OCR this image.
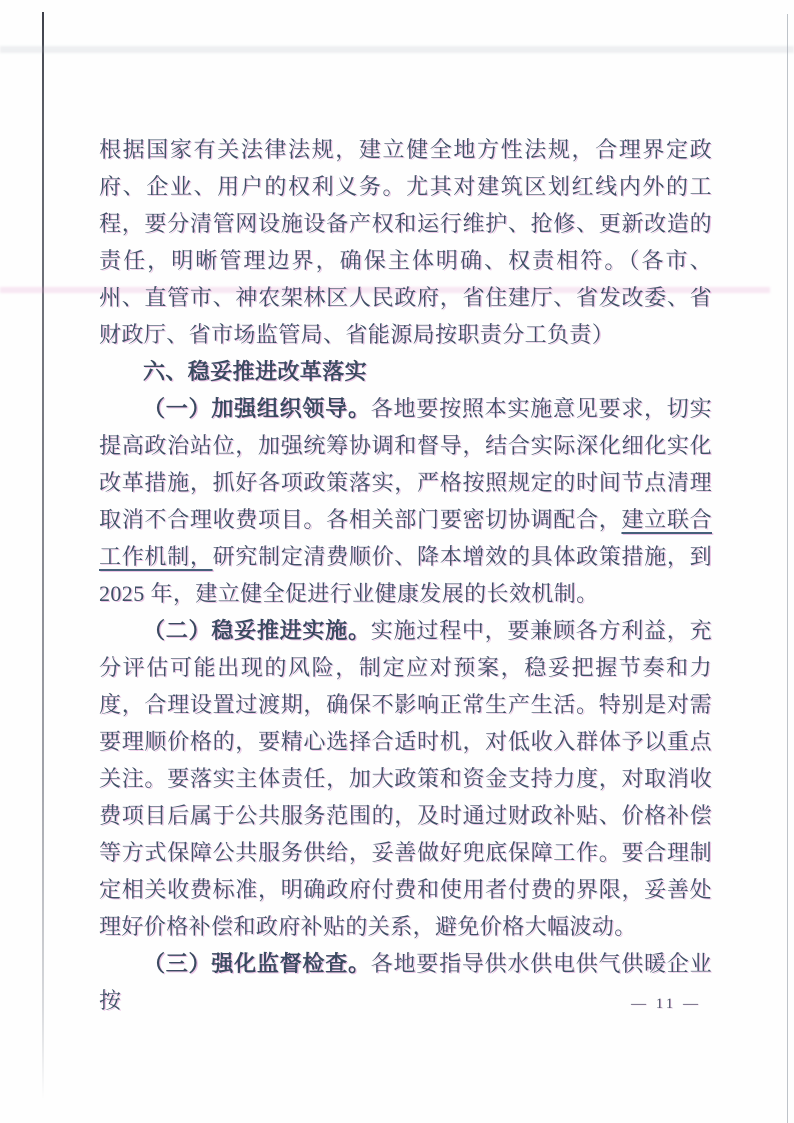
根据国家有关法律法规，建立健全地方性法规，合理界定政府、企业、用户的权利义务。尤其对建筑区划红线内外的工程，要分清管网设施设备产权和运行维护、抢修、更新改造的责任，明晰管理边界，确保主体明确、权责相符。（各市、州、直管市、神农架林区人民政府，省住建厅、省发改委、省财政厅、省市场监管局、省能源局按职责分工负责）

六、稳妥推进改革落实

（一）加强组织领导。各地要按照本实施意见要求，切实提高政治站位，加强统筹协调和督导，结合实际深化细化实化改革措施，抓好各项政策落实，严格按照规定的时间节点清理取消不合理收费项目。各相关部门要密切协调配合，建立联合工作机制，研究制定清费顺价、降本增效的具体政策措施，到 2025 年，建立健全促进行业健康发展的长效机制。

（二）稳妥推进实施。实施过程中，要兼顾各方利益，充分评估可能出现的风险，制定应对预案，稳妥把握节奏和力度，合理设置过渡期，确保不影响正常生产生活。特别是对需要理顺价格的，要精心选择合适时机，对低收入群体予以重点关注。要落实主体责任，加大政策和资金支持力度，对取消收费项目后属于公共服务范围的，及时通过财政补贴、价格补偿等方式保障公共服务供给，妥善做好兜底保障工作。要合理制定相关收费标准，明确政府付费和使用者付费的界限，妥善处理好价格补偿和政府补贴的关系，避免价格大幅波动。

（三）强化监督检查。各地要指导供水供电供气供暖企业按	— 11 —
